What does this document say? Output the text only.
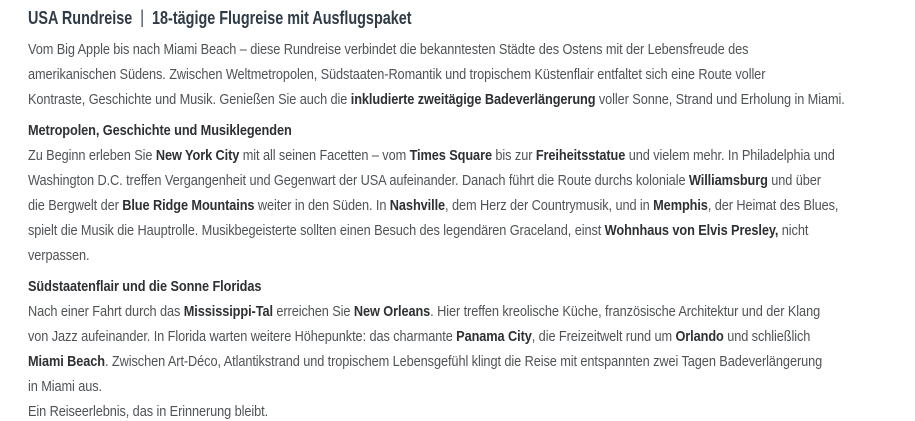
USA Rundreise | 18-tägige Flugreise mit Ausflugspaket
Vom Big Apple bis nach Miami Beach – diese Rundreise verbindet die bekanntesten Städte des Ostens mit der Lebensfreude des
amerikanischen Südens. Zwischen Weltmetropolen, Südstaaten-Romantik und tropischem Küstenflair entfaltet sich eine Route voller
Kontraste, Geschichte und Musik. Genießen Sie auch die inkludierte zweitägige Badeverlängerung voller Sonne, Strand und Erholung in Miami.
Metropolen, Geschichte und Musiklegenden
Zu Beginn erleben Sie New York City mit all seinen Facetten – vom Times Square bis zur Freiheitsstatue und vielem mehr. In Philadelphia und
Washington D.C. treffen Vergangenheit und Gegenwart der USA aufeinander. Danach führt die Route durchs koloniale Williamsburg und über
die Bergwelt der Blue Ridge Mountains weiter in den Süden. In Nashville, dem Herz der Countrymusik, und in Memphis, der Heimat des Blues,
spielt die Musik die Hauptrolle. Musikbegeisterte sollten einen Besuch des legendären Graceland, einst Wohnhaus von Elvis Presley, nicht
verpassen.
Südstaatenflair und die Sonne Floridas
Nach einer Fahrt durch das Mississippi-Tal erreichen Sie New Orleans. Hier treffen kreolische Küche, französische Architektur und der Klang
von Jazz aufeinander. In Florida warten weitere Höhepunkte: das charmante Panama City, die Freizeitwelt rund um Orlando und schließlich
Miami Beach. Zwischen Art-Déco, Atlantikstrand und tropischem Lebensgefühl klingt die Reise mit entspannten zwei Tagen Badeverlängerung
in Miami aus.
Ein Reiseerlebnis, das in Erinnerung bleibt.
